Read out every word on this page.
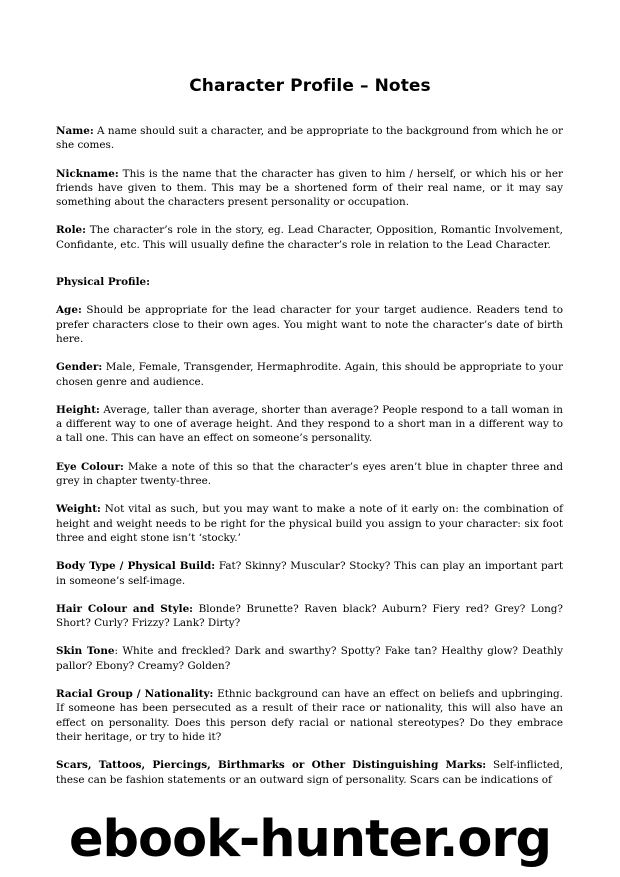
Character Profile – Notes

Name: A name should suit a character, and be appropriate to the background from which he or she comes.

Nickname: This is the name that the character has given to him / herself, or which his or her friends have given to them. This may be a shortened form of their real name, or it may say something about the characters present personality or occupation.

Role: The character’s role in the story, eg. Lead Character, Opposition, Romantic Involvement, Confidante, etc. This will usually define the character’s role in relation to the Lead Character.

Physical Profile:

Age: Should be appropriate for the lead character for your target audience. Readers tend to prefer characters close to their own ages. You might want to note the character’s date of birth here.

Gender: Male, Female, Transgender, Hermaphrodite. Again, this should be appropriate to your chosen genre and audience.

Height: Average, taller than average, shorter than average? People respond to a tall woman in a different way to one of average height. And they respond to a short man in a different way to a tall one. This can have an effect on someone’s personality.

Eye Colour: Make a note of this so that the character’s eyes aren’t blue in chapter three and grey in chapter twenty-three.

Weight: Not vital as such, but you may want to make a note of it early on: the combination of height and weight needs to be right for the physical build you assign to your character: six foot three and eight stone isn’t ‘stocky.’

Body Type / Physical Build: Fat? Skinny? Muscular? Stocky? This can play an important part in someone’s self-image.

Hair Colour and Style: Blonde? Brunette? Raven black? Auburn? Fiery red? Grey? Long? Short? Curly? Frizzy? Lank? Dirty?

Skin Tone: White and freckled? Dark and swarthy? Spotty? Fake tan? Healthy glow? Deathly pallor? Ebony? Creamy? Golden?

Racial Group / Nationality: Ethnic background can have an effect on beliefs and upbringing. If someone has been persecuted as a result of their race or nationality, this will also have an effect on personality. Does this person defy racial or national stereotypes? Do they embrace their heritage, or try to hide it?

Scars, Tattoos, Piercings, Birthmarks or Other Distinguishing Marks: Self-inflicted, these can be fashion statements or an outward sign of personality. Scars can be indications of

ebook-hunter.org
